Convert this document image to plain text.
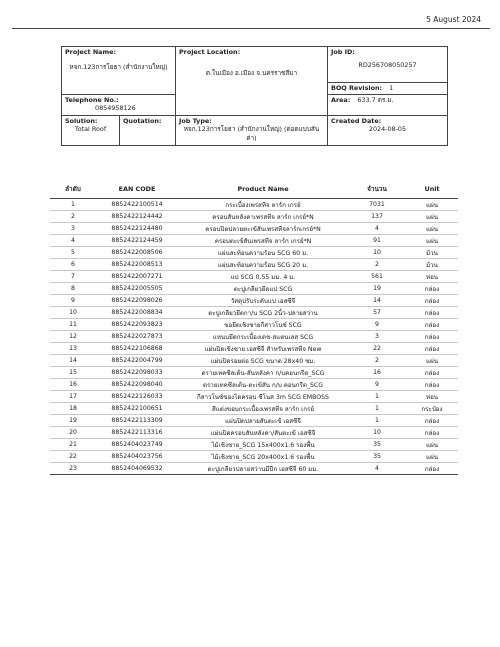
5 August 2024
Project Name:
หจก.123การโยธา (สำนักงานใหญ่)		Project Location:
ต.ในเมือง อ.เมือง จ.นครราชสีมา	Job ID:
RD256708050257

			BOQ Revision: 1
Telephone No.:
0854958126			Area: 633.7 ตร.ม.

Solution:
Total Roof	Quotation:	Job Type:
หจก.123การโยธา (สำนักงานใหญ่) (ตอดแบบสันต่า)	Created Date:
2024-08-05
ลำดับ	EAN CODE	Product Name	จำนวน	Unit
1	8852422100514	กระเบื้องเพรสทีจ ลาร์ก เกรย์	7031	แผ่น
2	8852422124442	ครอบสันหลังคาเพรสทีจ ลาร์ก เกรย์*N	137	แผ่น
3	8852422124480	ครอบปิดปลายตะเข้สันเพรสทีจลาร์กเกรย์*N	4	แผ่น
4	8852422124459	ครอบตะเข้สันเพรสทีจ ลาร์ก เกรย์*N	91	แผ่น
5	8852422008506	แผ่นสะท้อนความร้อน SCG 60 ม.	10	ม้วน
6	8852422008513	แผ่นสะท้อนความร้อน SCG 20 ม.	2	ม้วน
7	8852422007271	แป SCG 0.55 มม. 4 ม.	561	ท่อน
8	8852422005505	ตะปูเกลียวยึดแป SCG	19	กล่อง
9	8852422098026	วัสดุปรับระดับแป เอสซีจี	14	กล่อง
10	8852422008834	ตะปูเกลียวยึดกา/บ SCG 2นิ้ว-ปลายสว่าน	57	กล่อง
11	8852422093823	ขอยึดเชิงชายกีสาวโนซ์ SCG	9	กล่อง
12	8852422027873	แหนบยึดกระเบื้องเดช-สแตนเลส SCG	3	กล่อง
13	8852422106868	แผ่นปิดเชิงชาย เอสซีจี สำหรับเพรสทีจ New	22	กล่อง
14	8852422004799	แผ่นปิดรอยต่อ SCG ขนาด 28x40 ซม.	2	แผ่น
15	8852422098033	ดรายเทคซีลเต้น-สันหลังคา ก/บคอนกรีต_SCG	16	กล่อง
16	8852422098040	ดรายเทคซีลเต้น-ตะเข้สัน ก/บ คอนกรีต_SCG	9	กล่อง
17	8852422126033	กีสาวโนซ์ของไดครอบ ซีโนส 3m SCG EMBOSS	1	ท่อน
18	8852422100651	สีแต่งขอบกระเบื้องเพรสทีจ ลาร์ก เกรย์	1	กระป๋อง
19	8852422113309	แผ่นปิดปลายสันตะเข้ เอสซีจี	1	กล่อง
20	8852422113316	แผ่นปิดครอบสันหลังคา/สันตะเข้ เอสซีจี	10	กล่อง
21	8852404023749	ไม้เชิงชาย_SCG 15x400x1.6 รองพื้น	35	แผ่น
22	8852404023756	ไม้เชิงชาย_SCG 20x400x1.6 รองพื้น	35	แผ่น
23	8852404069532	ตะปูเกลียวปลายสว่านมีปีก เอสซีจี 60 มม.	4	กล่อง
